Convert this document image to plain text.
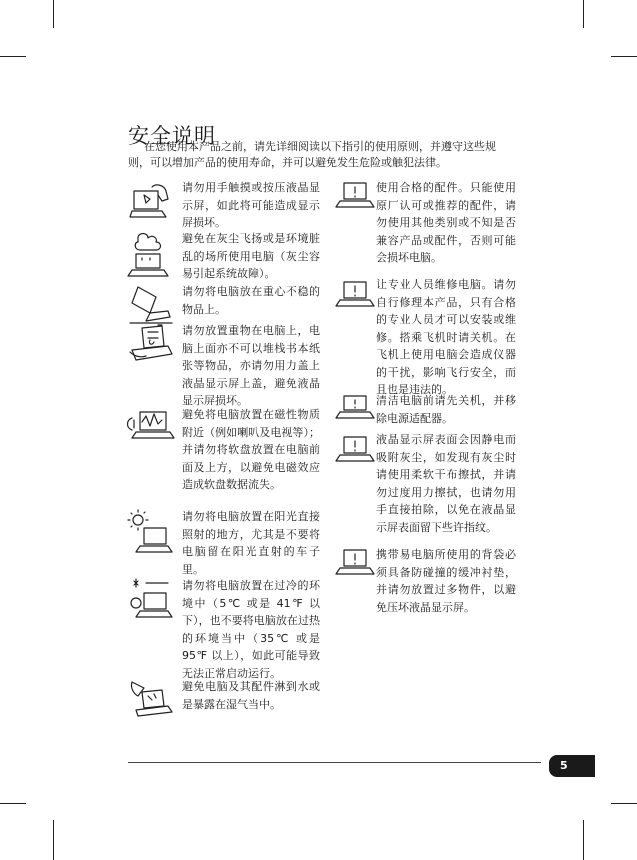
安全说明

在您使用本产品之前，请先详细阅读以下指引的使用原则，并遵守这些规则，可以增加产品的使用寿命，并可以避免发生危险或触犯法律。

请勿用手触摸或按压液晶显示屏，如此将可能造成显示屏损坏。
避免在灰尘飞扬或是环境脏乱的场所使用电脑（灰尘容易引起系统故障）。
请勿将电脑放在重心不稳的物品上。
请勿放置重物在电脑上，电脑上面亦不可以堆栈书本纸张等物品，亦请勿用力盖上液晶显示屏上盖，避免液晶显示屏损坏。
避免将电脑放置在磁性物质附近（例如喇叭及电视等）；并请勿将软盘放置在电脑前面及上方，以避免电磁效应造成软盘数据流失。
请勿将电脑放置在阳光直接照射的地方，尤其是不要将电脑留在阳光直射的车子里。
请勿将电脑放置在过冷的环境中（5℃ 或是 41℉ 以下），也不要将电脑放在过热的环境当中（35℃ 或是 95℉ 以上），如此可能导致无法正常启动运行。
避免电脑及其配件淋到水或是暴露在湿气当中。
使用合格的配件。只能使用原厂认可或推荐的配件，请勿使用其他类别或不知是否兼容产品或配件，否则可能会损坏电脑。
让专业人员维修电脑。请勿自行修理本产品，只有合格的专业人员才可以安装或维修。搭乘飞机时请关机。在飞机上使用电脑会造成仪器的干扰，影响飞行安全，而且也是违法的。
清洁电脑前请先关机，并移除电源适配器。
液晶显示屏表面会因静电而吸附灰尘，如发现有灰尘时请使用柔软干布擦拭，并请勿过度用力擦拭，也请勿用手直接拍除，以免在液晶显示屏表面留下些许指纹。
携带易电脑所使用的背袋必须具备防碰撞的缓冲衬垫，并请勿放置过多物件，以避免压坏液晶显示屏。
5
